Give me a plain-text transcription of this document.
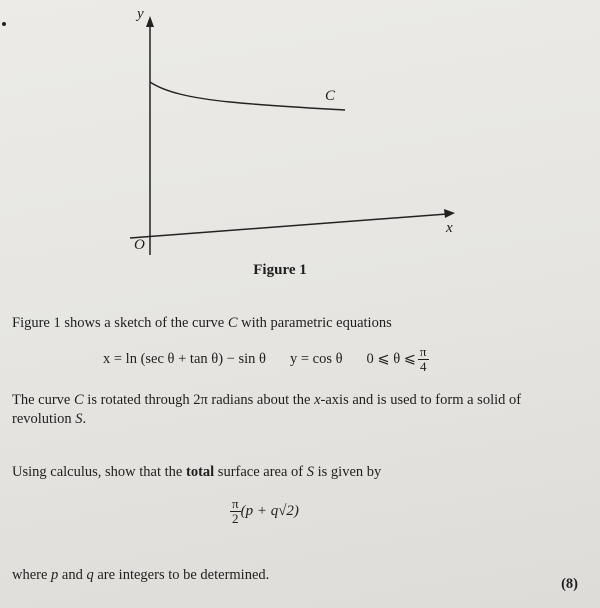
y
x
O
C
Figure 1
Figure 1 shows a sketch of the curve C with parametric equations
x = ln (sec θ + tan θ) − sin θ y = cos θ 0 ⩽ θ ⩽ $\frac{\pi}{4}$
The curve C is rotated through 2π radians about the x-axis and is used to form a solid of
revolution S.
Using calculus, show that the total surface area of S is given by
$\frac{\pi}{2} (p + q√2)$
where p and q are integers to be determined.
(8)
